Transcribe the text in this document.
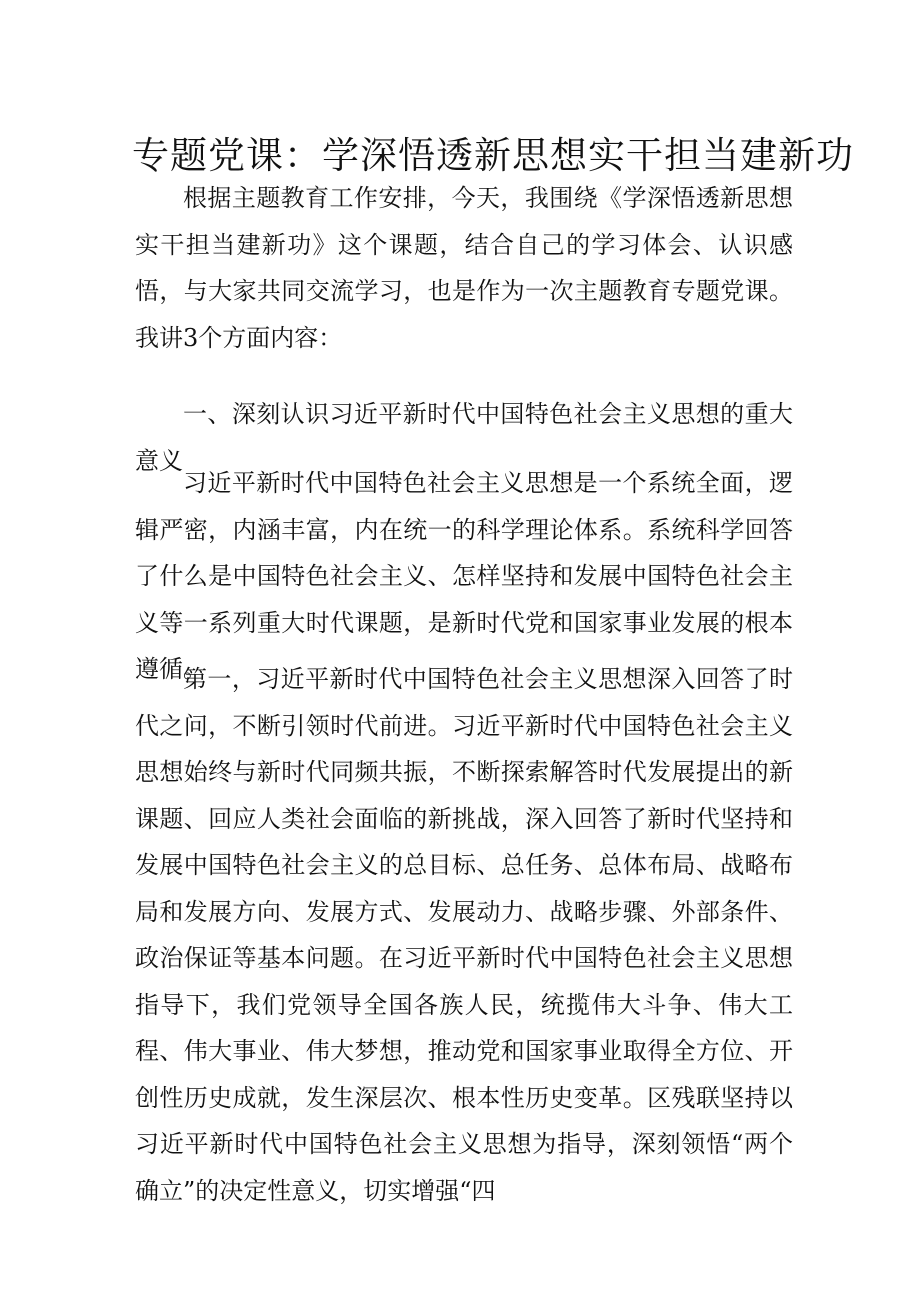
专题党课：学深悟透新思想实干担当建新功

根据主题教育工作安排，今天，我围绕《学深悟透新思想实干担当建新功》这个课题，结合自己的学习体会、认识感悟，与大家共同交流学习，也是作为一次主题教育专题党课。我讲3个方面内容：

一、深刻认识习近平新时代中国特色社会主义思想的重大意义

习近平新时代中国特色社会主义思想是一个系统全面，逻辑严密，内涵丰富，内在统一的科学理论体系。系统科学回答了什么是中国特色社会主义、怎样坚持和发展中国特色社会主义等一系列重大时代课题，是新时代党和国家事业发展的根本遵循。

第一，习近平新时代中国特色社会主义思想深入回答了时代之问，不断引领时代前进。习近平新时代中国特色社会主义思想始终与新时代同频共振，不断探索解答时代发展提出的新课题、回应人类社会面临的新挑战，深入回答了新时代坚持和发展中国特色社会主义的总目标、总任务、总体布局、战略布局和发展方向、发展方式、发展动力、战略步骤、外部条件、政治保证等基本问题。在习近平新时代中国特色社会主义思想指导下，我们党领导全国各族人民，统揽伟大斗争、伟大工程、伟大事业、伟大梦想，推动党和国家事业取得全方位、开创性历史成就，发生深层次、根本性历史变革。区残联坚持以习近平新时代中国特色社会主义思想为指导，深刻领悟“两个确立”的决定性意义，切实增强“四
